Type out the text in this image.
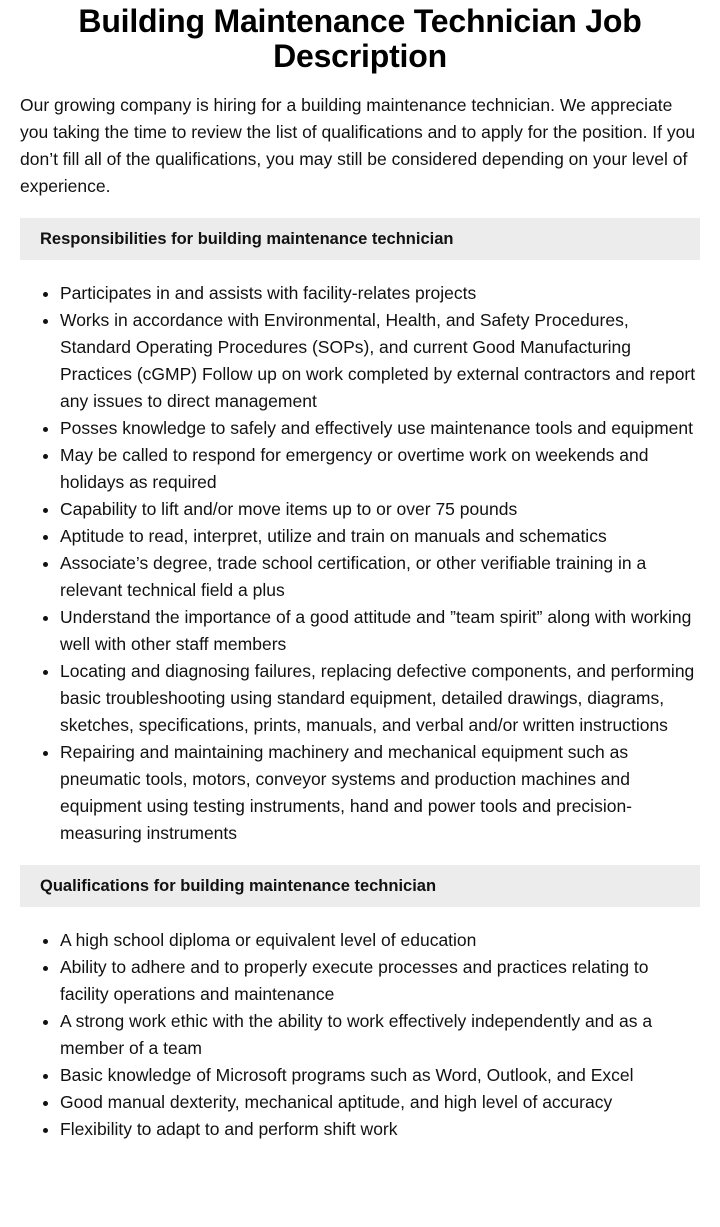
Building Maintenance Technician Job Description

Our growing company is hiring for a building maintenance technician. We appreciate you taking the time to review the list of qualifications and to apply for the position. If you don’t fill all of the qualifications, you may still be considered depending on your level of experience.

Responsibilities for building maintenance technician
• Participates in and assists with facility-relates projects
• Works in accordance with Environmental, Health, and Safety Procedures, Standard Operating Procedures (SOPs), and current Good Manufacturing Practices (cGMP) Follow up on work completed by external contractors and report any issues to direct management
• Posses knowledge to safely and effectively use maintenance tools and equipment
• May be called to respond for emergency or overtime work on weekends and holidays as required
• Capability to lift and/or move items up to or over 75 pounds
• Aptitude to read, interpret, utilize and train on manuals and schematics
• Associate’s degree, trade school certification, or other verifiable training in a relevant technical field a plus
• Understand the importance of a good attitude and ”team spirit” along with working well with other staff members
• Locating and diagnosing failures, replacing defective components, and performing basic troubleshooting using standard equipment, detailed drawings, diagrams, sketches, specifications, prints, manuals, and verbal and/or written instructions
• Repairing and maintaining machinery and mechanical equipment such as pneumatic tools, motors, conveyor systems and production machines and equipment using testing instruments, hand and power tools and precision-measuring instruments
Qualifications for building maintenance technician
• A high school diploma or equivalent level of education
• Ability to adhere and to properly execute processes and practices relating to facility operations and maintenance
• A strong work ethic with the ability to work effectively independently and as a member of a team
• Basic knowledge of Microsoft programs such as Word, Outlook, and Excel
• Good manual dexterity, mechanical aptitude, and high level of accuracy
• Flexibility to adapt to and perform shift work
